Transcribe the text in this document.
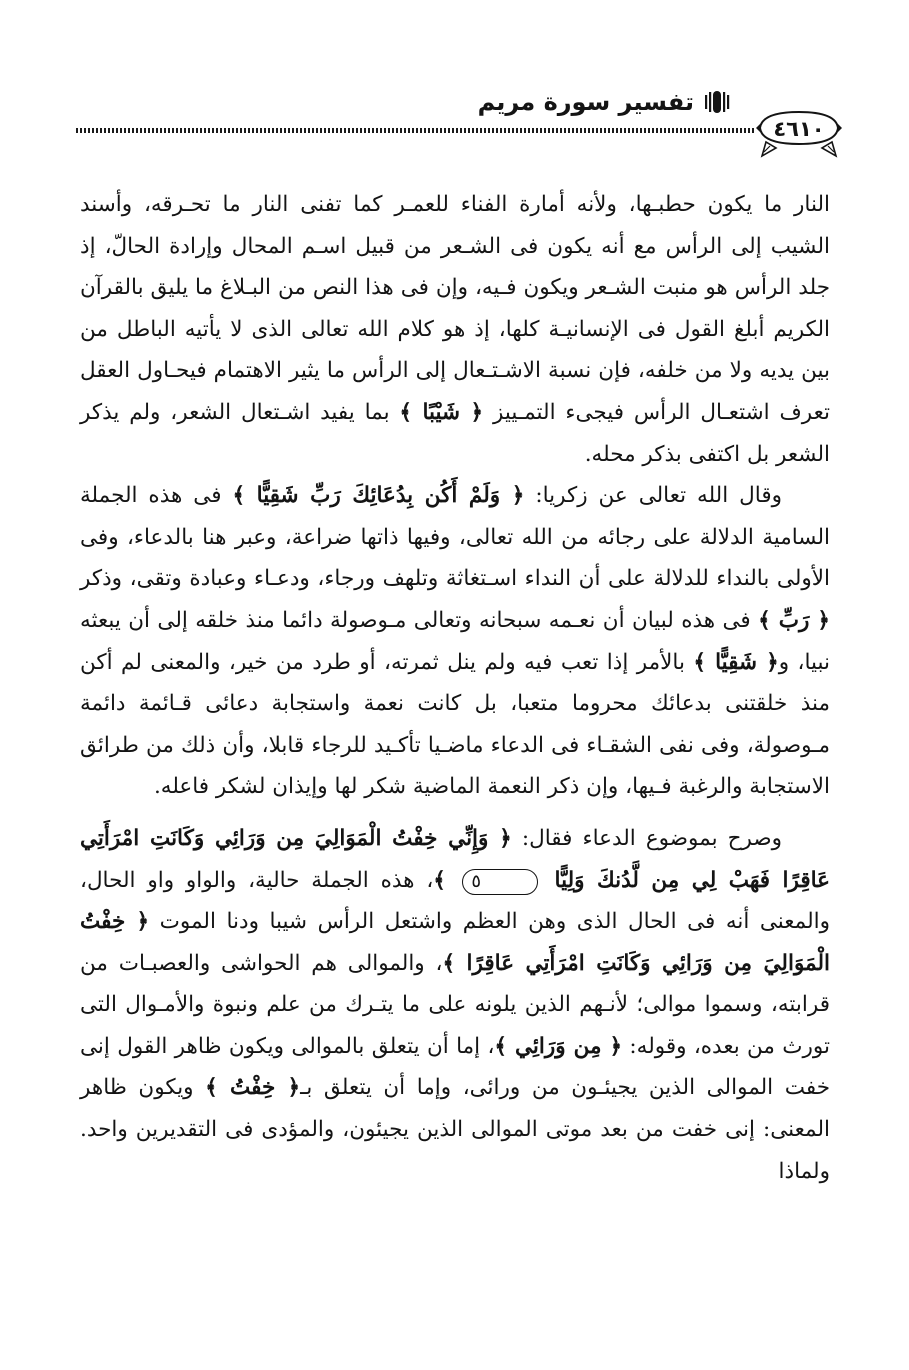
تفسير سورة مريم
٤٦١٠

النار ما يكون حطبـها، ولأنه أمارة الفناء للعمـر كما تفنى النار ما تحـرقه، وأسند الشيب إلى الرأس مع أنه يكون فى الشـعر من قبيل اسـم المحال وإرادة الحالّ، إذ جلد الرأس هو منبت الشـعر ويكون فـيه، وإن فى هذا النص من البـلاغ ما يليق بالقرآن الكريم أبلغ القول فى الإنسانيـة كلها، إذ هو كلام الله تعالى الذى لا يأتيه الباطل من بين يديه ولا من خلفه، فإن نسبة الاشـتـعال إلى الرأس ما يثير الاهتمام فيحـاول العقل تعرف اشتعـال الرأس فيجىء التمـييز ﴿ شَيْبًا ﴾ بما يفيد اشـتعال الشعر، ولم يذكر الشعر بل اكتفى بذكر محله.

وقال الله تعالى عن زكريا: ﴿ وَلَمْ أَكُن بِدُعَائِكَ رَبِّ شَقِيًّا ﴾ فى هذه الجملة السامية الدلالة على رجائه من الله تعالى، وفيها ذاتها ضراعة، وعبر هنا بالدعاء، وفى الأولى بالنداء للدلالة على أن النداء اسـتغاثة وتلهف ورجاء، ودعـاء وعبادة وتقى، وذكر ﴿ رَبِّ ﴾ فى هذه لبيان أن نعـمه سبحانه وتعالى مـوصولة دائما منذ خلقه إلى أن يبعثه نبيا، و﴿ شَقِيًّا ﴾ بالأمر إذا تعب فيه ولم ينل ثمرته، أو طرد من خير، والمعنى لم أكن منذ خلقتنى بدعائك محروما متعبا، بل كانت نعمة واستجابة دعائى قـائمة دائمة مـوصولة، وفى نفى الشقـاء فى الدعاء ماضـيا تأكـيد للرجاء قابلا، وأن ذلك من طرائق الاستجابة والرغبة فـيها، وإن ذكر النعمة الماضية شكر لها وإيذان لشكر فاعله.

وصرح بموضوع الدعاء فقال: ﴿ وَإِنِّي خِفْتُ الْمَوَالِيَ مِن وَرَائِي وَكَانَتِ امْرَأَتِي عَاقِرًا فَهَبْ لِي مِن لَّدُنكَ وَلِيًّا ٥ ﴾، هذه الجملة حالية، والواو واو الحال، والمعنى أنه فى الحال الذى وهن العظم واشتعل الرأس شيبا ودنا الموت ﴿ خِفْتُ الْمَوَالِيَ مِن وَرَائِي وَكَانَتِ امْرَأَتِي عَاقِرًا ﴾، والموالى هم الحواشى والعصبـات من قرابته، وسموا موالى؛ لأنـهم الذين يلونه على ما يتـرك من علم ونبوة والأمـوال التى تورث من بعده، وقوله: ﴿ مِن وَرَائِي ﴾، إما أن يتعلق بالموالى ويكون ظاهر القول إنى خفت الموالى الذين يجيئـون من ورائى، وإما أن يتعلق بـ﴿ خِفْتُ ﴾ ويكون ظاهر المعنى: إنى خفت من بعد موتى الموالى الذين يجيئون، والمؤدى فى التقديرين واحد. ولماذا
